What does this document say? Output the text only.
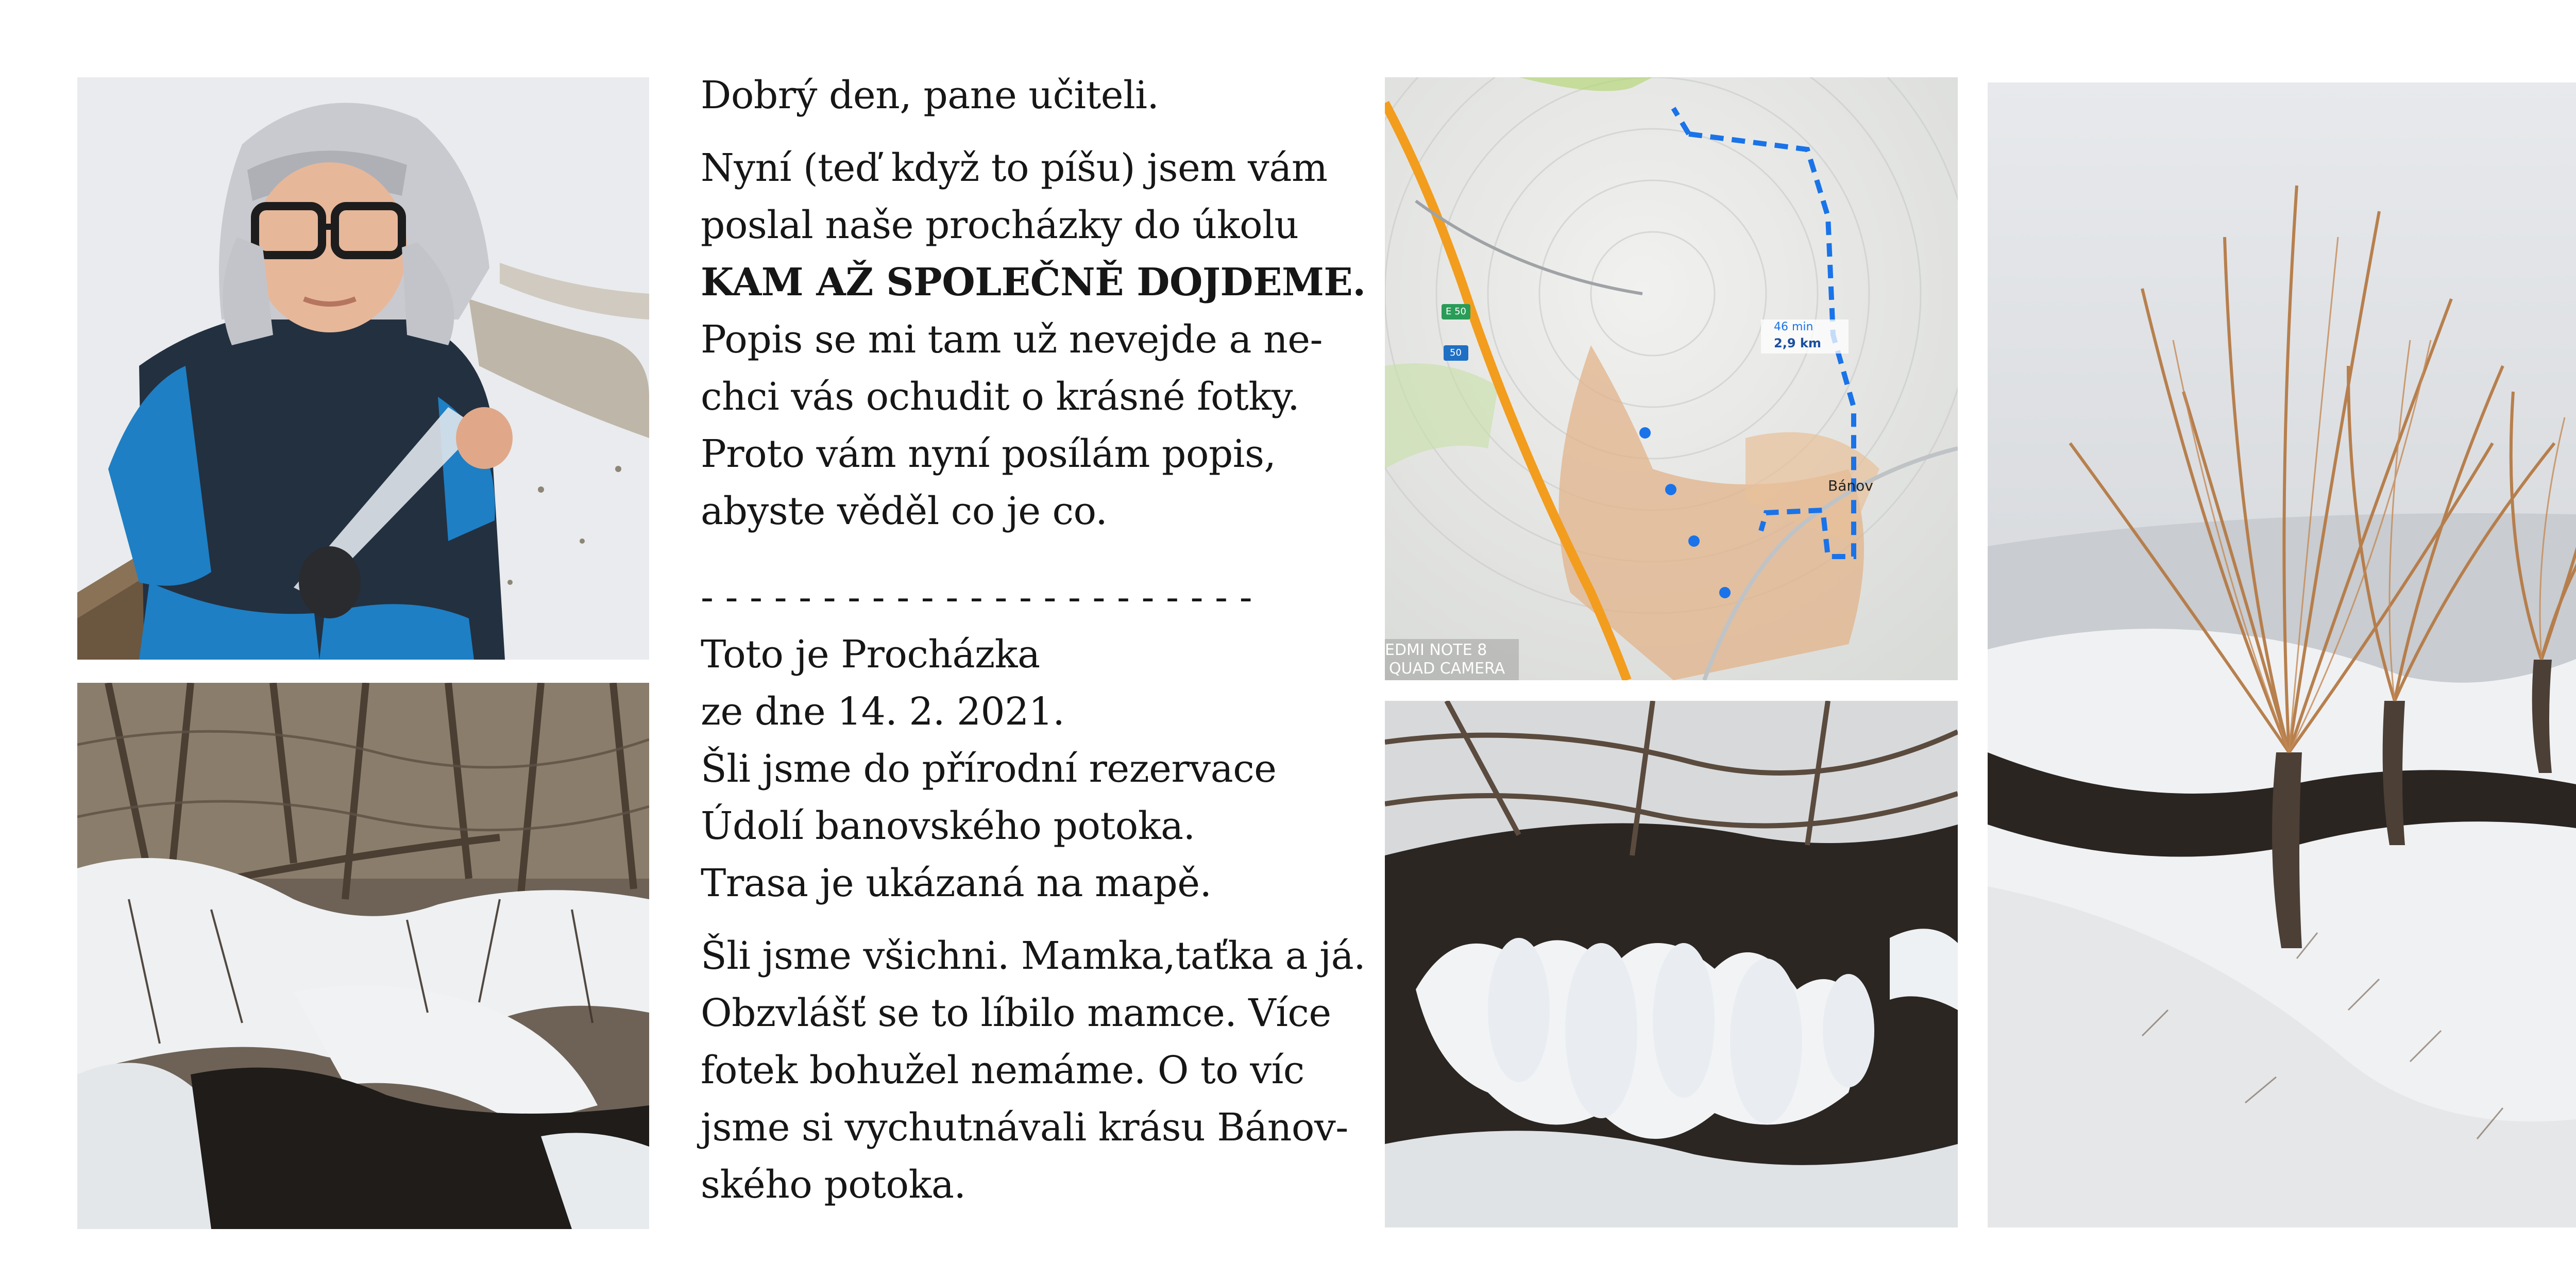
Dobrý den, pane učiteli.

Nyní (teď když to píšu) jsem vám
poslal naše procházky do úkolu
KAM AŽ SPOLEČNĚ DOJDEME.
Popis se mi tam už nevejde a ne-
chci vás ochudit o krásné fotky.
Proto vám nyní posílám popis,
abyste věděl co je co.

- - - - - - - - - - - - - - - - - - - - - - -

Toto je Procházka
ze dne 14. 2. 2021.
Šli jsme do přírodní rezervace
Údolí banovského potoka.
Trasa je ukázaná na mapě.

Šli jsme všichni. Mamka,taťka a já.
Obzvlášť se to líbilo mamce. Více
fotek bohužel nemáme. O to víc
jsme si vychutnávali krásu Bánov-
ského potoka.

E 50
50
46 min
2,9 km
Bánov
EDMI NOTE 8
QUAD CAMERA
